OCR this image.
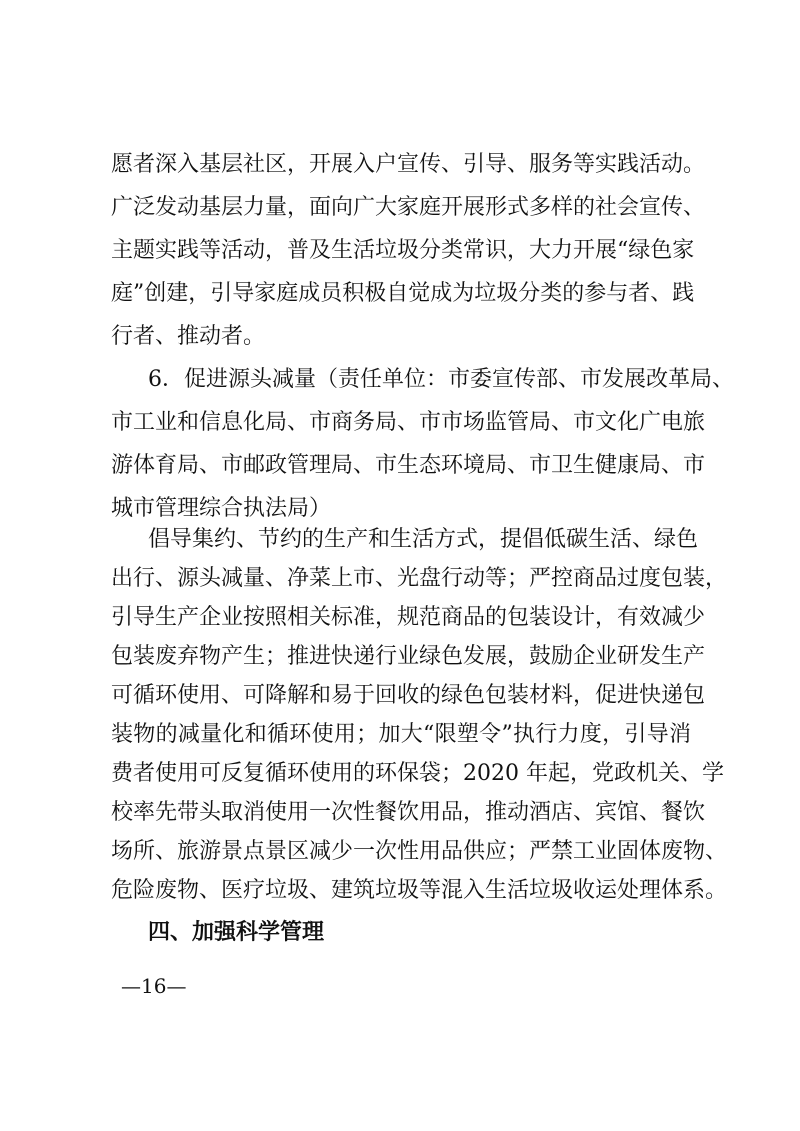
愿者深入基层社区，开展入户宣传、引导、服务等实践活动。
广泛发动基层力量，面向广大家庭开展形式多样的社会宣传、
主题实践等活动，普及生活垃圾分类常识，大力开展“绿色家
庭”创建，引导家庭成员积极自觉成为垃圾分类的参与者、践
行者、推动者。
6．促进源头减量（责任单位：市委宣传部、市发展改革局、
市工业和信息化局、市商务局、市市场监管局、市文化广电旅
游体育局、市邮政管理局、市生态环境局、市卫生健康局、市
城市管理综合执法局）
倡导集约、节约的生产和生活方式，提倡低碳生活、绿色
出行、源头减量、净菜上市、光盘行动等；严控商品过度包装，
引导生产企业按照相关标准，规范商品的包装设计，有效减少
包装废弃物产生；推进快递行业绿色发展，鼓励企业研发生产
可循环使用、可降解和易于回收的绿色包装材料，促进快递包
装物的减量化和循环使用；加大“限塑令”执行力度，引导消
费者使用可反复循环使用的环保袋；2020 年起，党政机关、学
校率先带头取消使用一次性餐饮用品，推动酒店、宾馆、餐饮
场所、旅游景点景区减少一次性用品供应；严禁工业固体废物、
危险废物、医疗垃圾、建筑垃圾等混入生活垃圾收运处理体系。
四、加强科学管理
—16—
